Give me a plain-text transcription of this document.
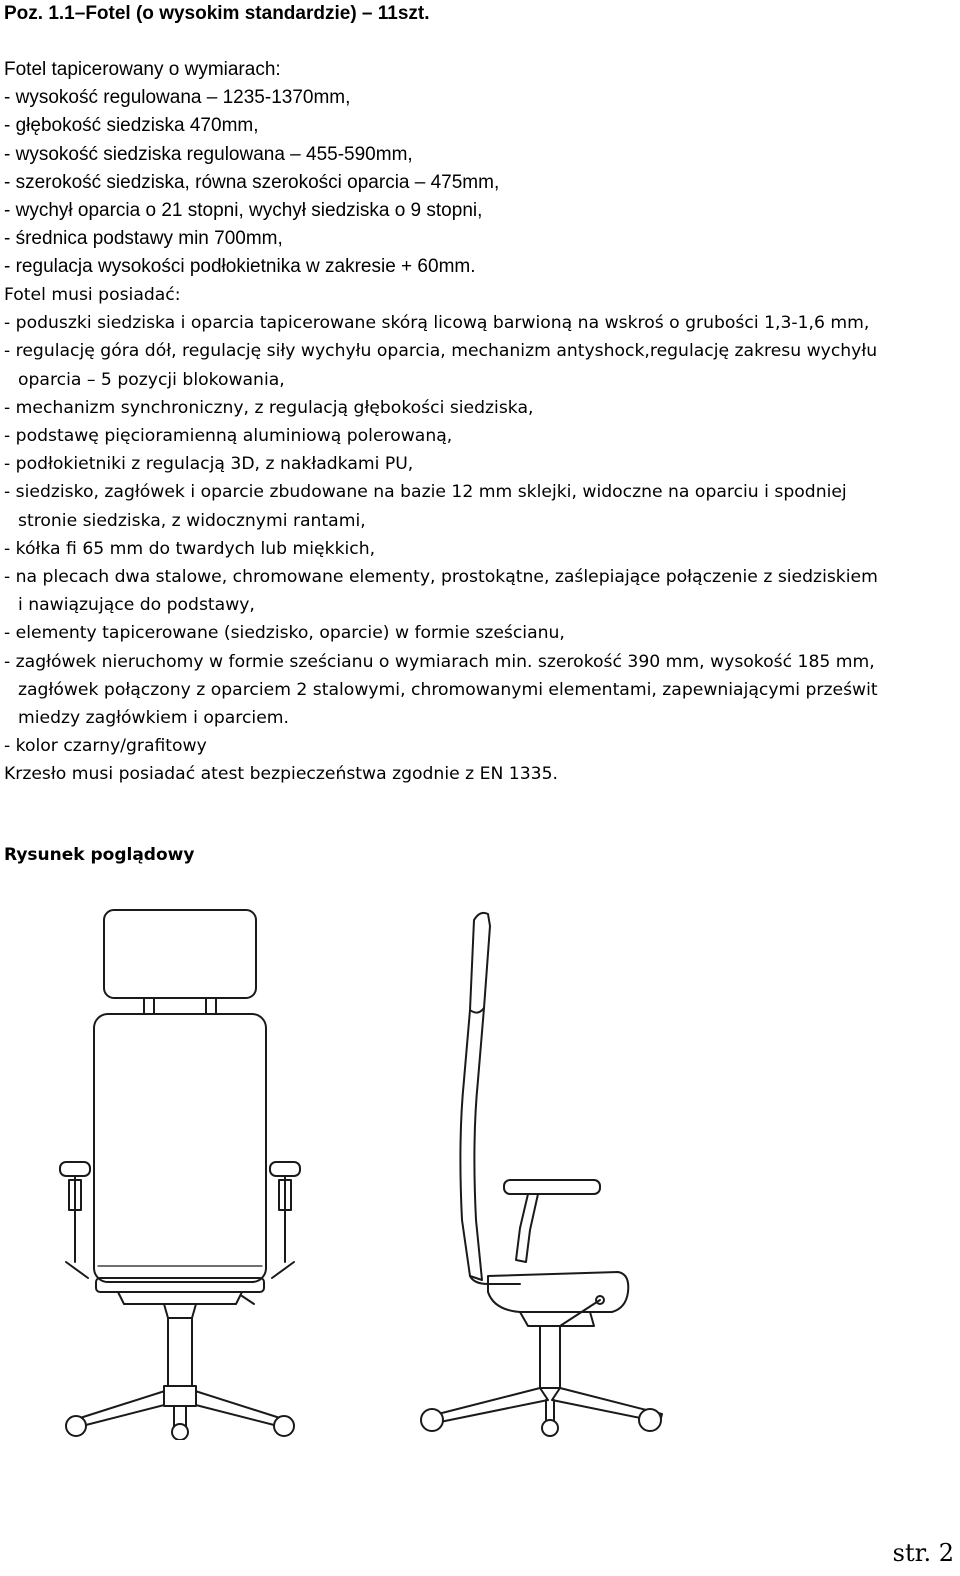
Poz. 1.1–Fotel (o wysokim standardzie) – 11szt.
Fotel tapicerowany o wymiarach:
- wysokość regulowana – 1235-1370mm,
- głębokość siedziska 470mm,
- wysokość siedziska regulowana – 455-590mm,
- szerokość siedziska, równa szerokości oparcia – 475mm,
- wychył oparcia o 21 stopni, wychył siedziska o 9 stopni,
- średnica podstawy min 700mm,
- regulacja wysokości podłokietnika w zakresie + 60mm.
Fotel musi posiadać:
- poduszki siedziska i oparcia tapicerowane skórą licową barwioną na wskroś o grubości 1,3-1,6 mm,
- regulację góra dół, regulację siły wychyłu oparcia, mechanizm antyshock,regulację zakresu wychyłu
oparcia – 5 pozycji blokowania,
- mechanizm synchroniczny, z regulacją głębokości siedziska,
- podstawę pięcioramienną aluminiową polerowaną,
- podłokietniki z regulacją 3D, z nakładkami PU,
- siedzisko, zagłówek i oparcie zbudowane na bazie 12 mm sklejki, widoczne na oparciu i spodniej
stronie siedziska, z widocznymi rantami,
- kółka fi 65 mm do twardych lub miękkich,
- na plecach dwa stalowe, chromowane elementy, prostokątne, zaślepiające połączenie z siedziskiem
i nawiązujące do podstawy,
- elementy tapicerowane (siedzisko, oparcie) w formie sześcianu,
- zagłówek nieruchomy w formie sześcianu o wymiarach min. szerokość 390 mm, wysokość 185 mm,
zagłówek połączony z oparciem 2 stalowymi, chromowanymi elementami, zapewniającymi prześwit
miedzy zagłówkiem i oparciem.
- kolor czarny/grafitowy
Krzesło musi posiadać atest bezpieczeństwa zgodnie z EN 1335.
Rysunek poglądowy
str. 2
